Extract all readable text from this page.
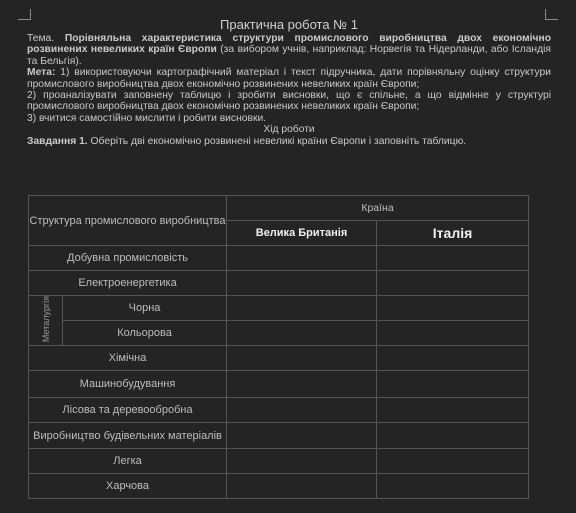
Практична робота № 1

Тема. Порівняльна характеристика структури промислового виробництва двох економічно розвинених невеликих країн Європи (за вибором учнів, наприклад: Норвегія та Нідерланди, або Ісландія та Бельгія).

Мета: 1) використовуючи картографічний матеріал і текст підручника, дати порівняльну оцінку структури промислового виробництва двох економічно розвинених невеликих країн Європи;

2) проаналізувати заповнену таблицю і зробити висновки, що є спільне, а що відмінне у структурі промислового виробництва двох економічно розвинених невеликих країн Європи;

3) вчитися самостійно мислити і робити висновки.

Хід роботи

Завдання 1. Оберіть дві економічно розвинені невеликі країни Європи і заповніть таблицю.

Структура промислового виробництва		Країна	
		Велика Британія	Італія
Добувна промисловість			
Електроенергетика			
Металургія	Чорна		
	Кольорова		
Хімічна			
Машинобудування			
Лісова та деревообробна			
Виробництво будівельних матеріалів			
Легка			
Харчова			
